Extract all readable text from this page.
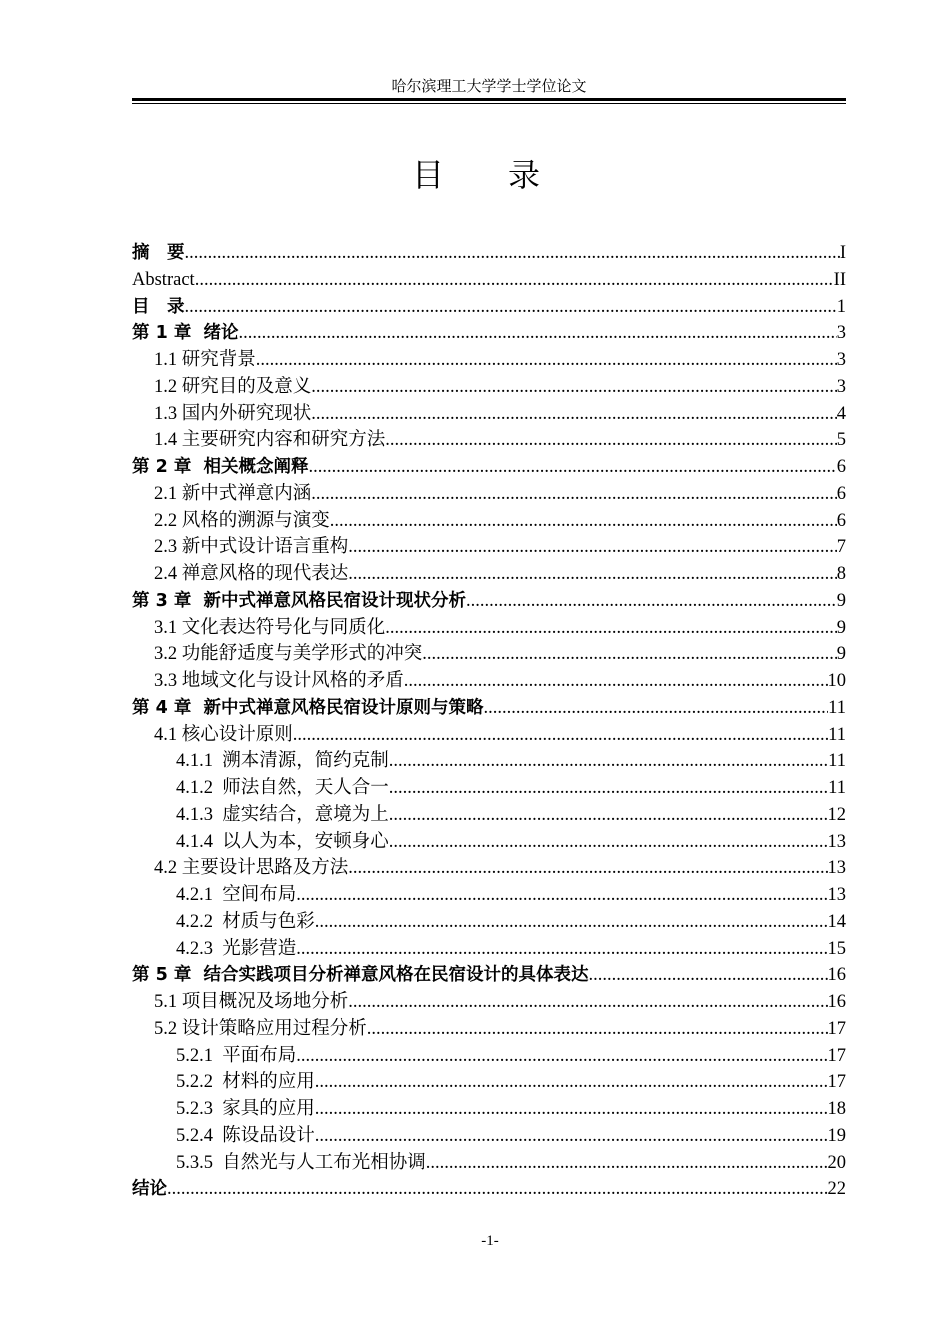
哈尔滨理工大学学士学位论文
目 录
摘　要 .....	I
Abstract .....	II
目　录 .....	1
第 1 章  绪论 .....	3
1.1 研究背景 .....	3
1.2 研究目的及意义 .....	3
1.3 国内外研究现状 .....	4
1.4 主要研究内容和研究方法 .....	5
第 2 章  相关概念阐释 .....	6
2.1 新中式禅意内涵 .....	6
2.2 风格的溯源与演变 .....	6
2.3 新中式设计语言重构 .....	7
2.4 禅意风格的现代表达 .....	8
第 3 章  新中式禅意风格民宿设计现状分析 .....	9
3.1 文化表达符号化与同质化 .....	9
3.2 功能舒适度与美学形式的冲突 .....	9
3.3 地域文化与设计风格的矛盾 .....	10
第 4 章  新中式禅意风格民宿设计原则与策略 .....	11
4.1 核心设计原则 .....	11
4.1.1  溯本清源，简约克制 .....	11
4.1.2  师法自然，天人合一 .....	11
4.1.3  虚实结合，意境为上 .....	12
4.1.4  以人为本，安顿身心 .....	13
4.2 主要设计思路及方法 .....	13
4.2.1  空间布局 .....	13
4.2.2  材质与色彩 .....	14
4.2.3  光影营造 .....	15
第 5 章  结合实践项目分析禅意风格在民宿设计的具体表达 .....	16
5.1 项目概况及场地分析 .....	16
5.2 设计策略应用过程分析 .....	17
5.2.1  平面布局 .....	17
5.2.2  材料的应用 .....	17
5.2.3  家具的应用 .....	18
5.2.4  陈设品设计 .....	19
5.3.5  自然光与人工布光相协调 .....	20
结论 .....	22
-1-
